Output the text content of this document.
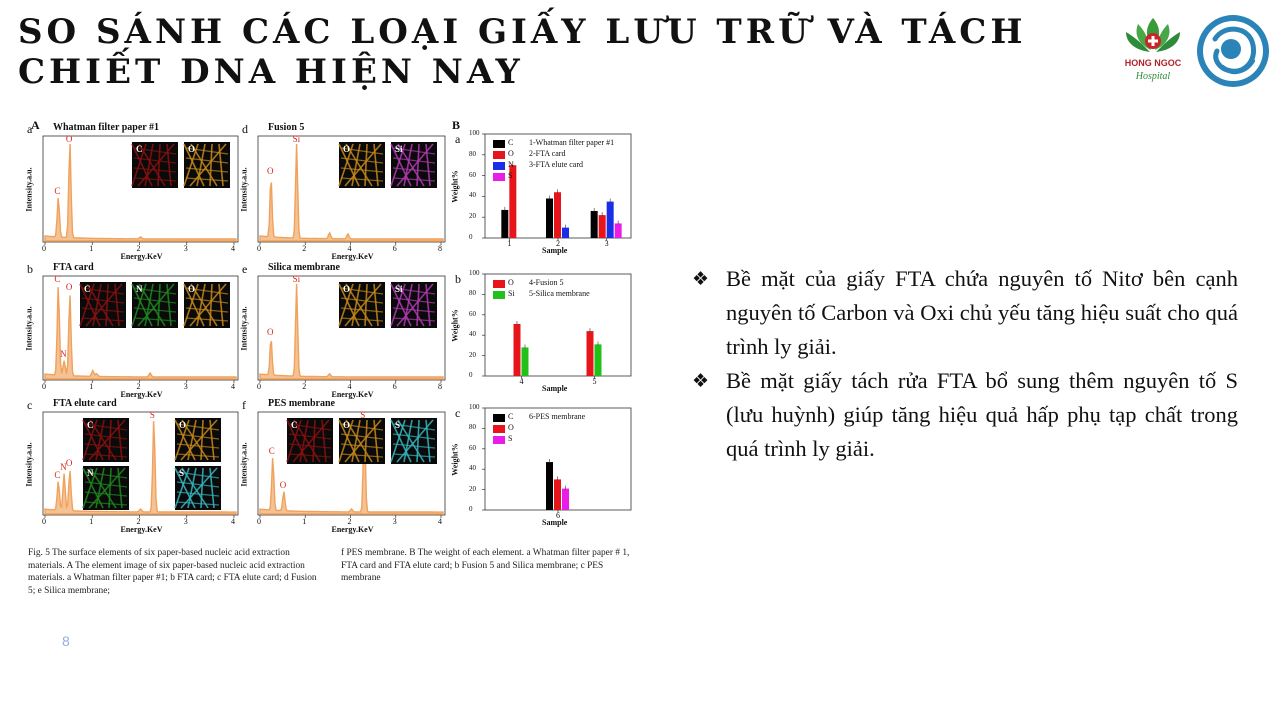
SO SÁNH CÁC LOẠI GIẤY LƯU TRỮ VÀ TÁCH CHIẾT DNA HIỆN NAY	HONG NGOC
Hospital
A	B
0	1	2	3	4
a Whatman filter paper #1
Energy.KeV
Intensity.a.u. C
O
C	O
0	1	2	3	4
b FTA card
Energy.KeV
Intensity.a.u.
C
N
O C	N	O
0	1	2	3	4
c FTA elute card
Energy.KeV
Intensity.a.u. C
N O
S
C	O
N	S
0	2	4	6	8
d Fusion 5
Energy.KeV
Intensity.a.u. O
Si
O	Si
0	2	4	6	8
e Silica membrane
Energy.KeV
Intensity.a.u. O
Si
O	Si
0	1	2	3	4
f PES membrane
Energy.KeV
Intensity.a.u. C
O
S
C	O	S
0
20
40
60
80
100
a
Weight%
Sample
1	2	3
C
O
N
S
1-Whatman filter paper #1
2-FTA card
3-FTA elute card
0
20
40
60
80
100
b
Weight%
Sample
4	5
O
Si
4-Fusion 5
5-Silica membrane
0
20
40
60
80
100
c
Weight%
Sample
6
C
O
S
6-PES membrane
Fig. 5 The surface elements of six paper-based nucleic acid extraction materials. A The element image of six paper-based nucleic acid extraction materials. a Whatman filter paper #1; b FTA card; c FTA elute card; d Fusion 5; e Silica membrane;
f PES membrane. B The weight of each element. a Whatman filter paper # 1, FTA card and FTA elute card; b Fusion 5 and Silica membrane; c PES membrane
❖ Bề mặt của giấy FTA chứa nguyên tố Nitơ bên cạnh nguyên tố Carbon và Oxi chủ yếu tăng hiệu suất cho quá trình ly giải.
❖ Bề mặt giấy tách rửa FTA bổ sung thêm nguyên tố S (lưu huỳnh) giúp tăng hiệu quả hấp phụ tạp chất trong quá trình ly giải.
8
